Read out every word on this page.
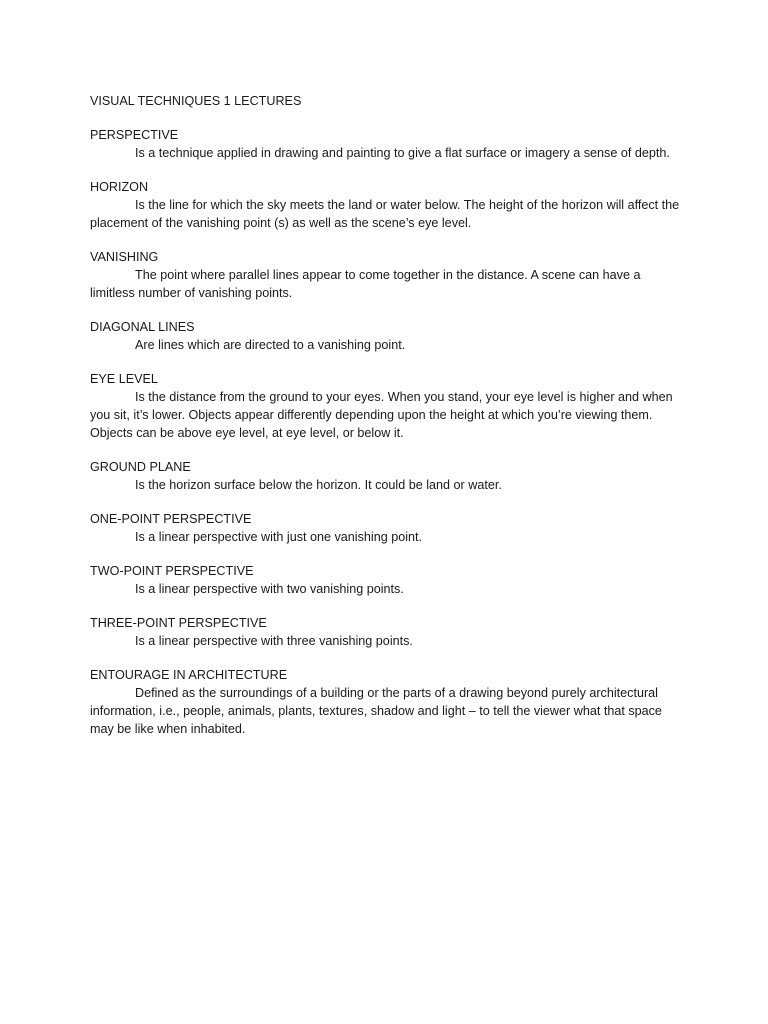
VISUAL TECHNIQUES 1 LECTURES

PERSPECTIVE

Is a technique applied in drawing and painting to give a flat surface or imagery a sense of depth.

HORIZON

Is the line for which the sky meets the land or water below. The height of the horizon will affect the placement of the vanishing point (s) as well as the scene’s eye level.

VANISHING

The point where parallel lines appear to come together in the distance. A scene can have a limitless number of vanishing points.

DIAGONAL LINES

Are lines which are directed to a vanishing point.

EYE LEVEL

Is the distance from the ground to your eyes. When you stand, your eye level is higher and when you sit, it’s lower. Objects appear differently depending upon the height at which you’re viewing them. Objects can be above eye level, at eye level, or below it.

GROUND PLANE

Is the horizon surface below the horizon. It could be land or water.

ONE-POINT PERSPECTIVE

Is a linear perspective with just one vanishing point.

TWO-POINT PERSPECTIVE

Is a linear perspective with two vanishing points.

THREE-POINT PERSPECTIVE

Is a linear perspective with three vanishing points.

ENTOURAGE IN ARCHITECTURE

Defined as the surroundings of a building or the parts of a drawing beyond purely architectural information, i.e., people, animals, plants, textures, shadow and light – to tell the viewer what that space may be like when inhabited.
